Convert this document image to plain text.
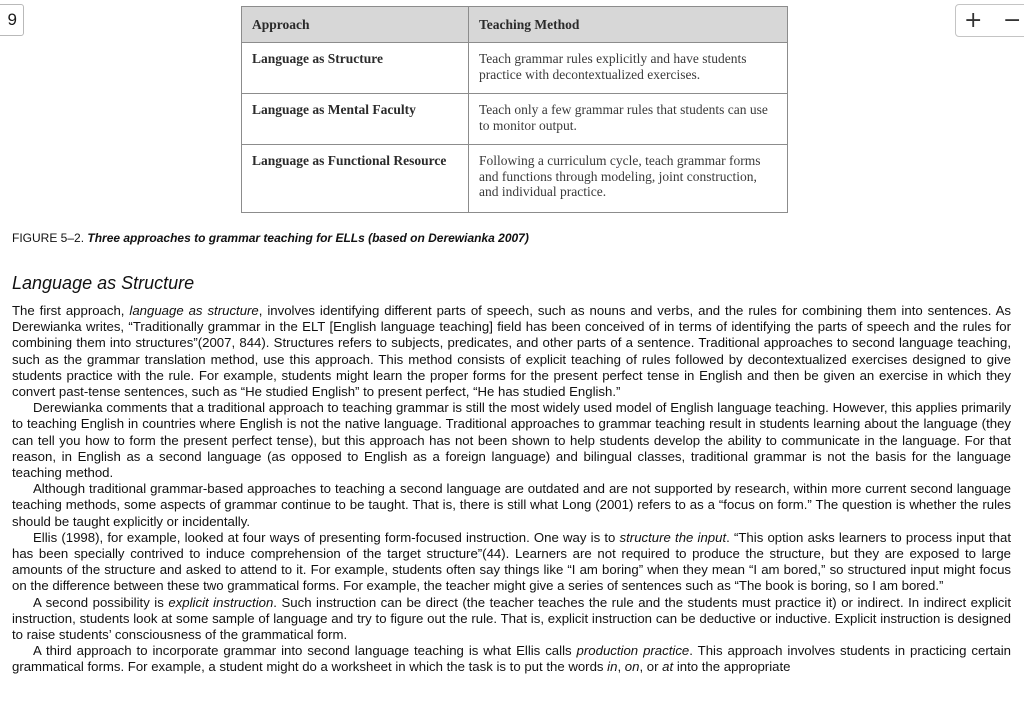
9	+ −
Approach	Teaching Method
Language as Structure	Teach grammar rules explicitly and have students practice with decontextualized exercises.
Language as Mental Faculty	Teach only a few grammar rules that students can use to monitor output.
Language as Functional Resource	Following a curriculum cycle, teach grammar forms and functions through modeling, joint construction, and individual practice.
FIGURE 5–2. Three approaches to grammar teaching for ELLs (based on Derewianka 2007)
Language as Structure

The first approach, language as structure, involves identifying different parts of speech, such as nouns and verbs, and the rules for combining them into sentences. As Derewianka writes, “Traditionally grammar in the ELT [English language teaching] field has been conceived of in terms of identifying the parts of speech and the rules for combining them into structures”(2007, 844). Structures refers to subjects, predicates, and other parts of a sentence. Traditional approaches to second language teaching, such as the grammar translation method, use this approach. This method consists of explicit teaching of rules followed by decontextualized exercises designed to give students practice with the rule. For example, students might learn the proper forms for the present perfect tense in English and then be given an exercise in which they convert past-tense sentences, such as “He studied English” to present perfect, “He has studied English.”

Derewianka comments that a traditional approach to teaching grammar is still the most widely used model of English language teaching. However, this applies primarily to teaching English in countries where English is not the native language. Traditional approaches to grammar teaching result in students learning about the language (they can tell you how to form the present perfect tense), but this approach has not been shown to help students develop the ability to communicate in the language. For that reason, in English as a second language (as opposed to English as a foreign language) and bilingual classes, traditional grammar is not the basis for the language teaching method.

Although traditional grammar-based approaches to teaching a second language are outdated and are not supported by research, within more current second language teaching methods, some aspects of grammar continue to be taught. That is, there is still what Long (2001) refers to as a “focus on form.” The question is whether the rules should be taught explicitly or incidentally.

Ellis (1998), for example, looked at four ways of presenting form-focused instruction. One way is to structure the input. “This option asks learners to process input that has been specially contrived to induce comprehension of the target structure”(44). Learners are not required to produce the structure, but they are exposed to large amounts of the structure and asked to attend to it. For example, students often say things like “I am boring” when they mean “I am bored,” so structured input might focus on the difference between these two grammatical forms. For example, the teacher might give a series of sentences such as “The book is boring, so I am bored.”

A second possibility is explicit instruction. Such instruction can be direct (the teacher teaches the rule and the students must practice it) or indirect. In indirect explicit instruction, students look at some sample of language and try to figure out the rule. That is, explicit instruction can be deductive or inductive. Explicit instruction is designed to raise students’ consciousness of the grammatical form.

A third approach to incorporate grammar into second language teaching is what Ellis calls production practice. This approach involves students in practicing certain grammatical forms. For example, a student might do a worksheet in which the task is to put the words in, on, or at into the appropriate
